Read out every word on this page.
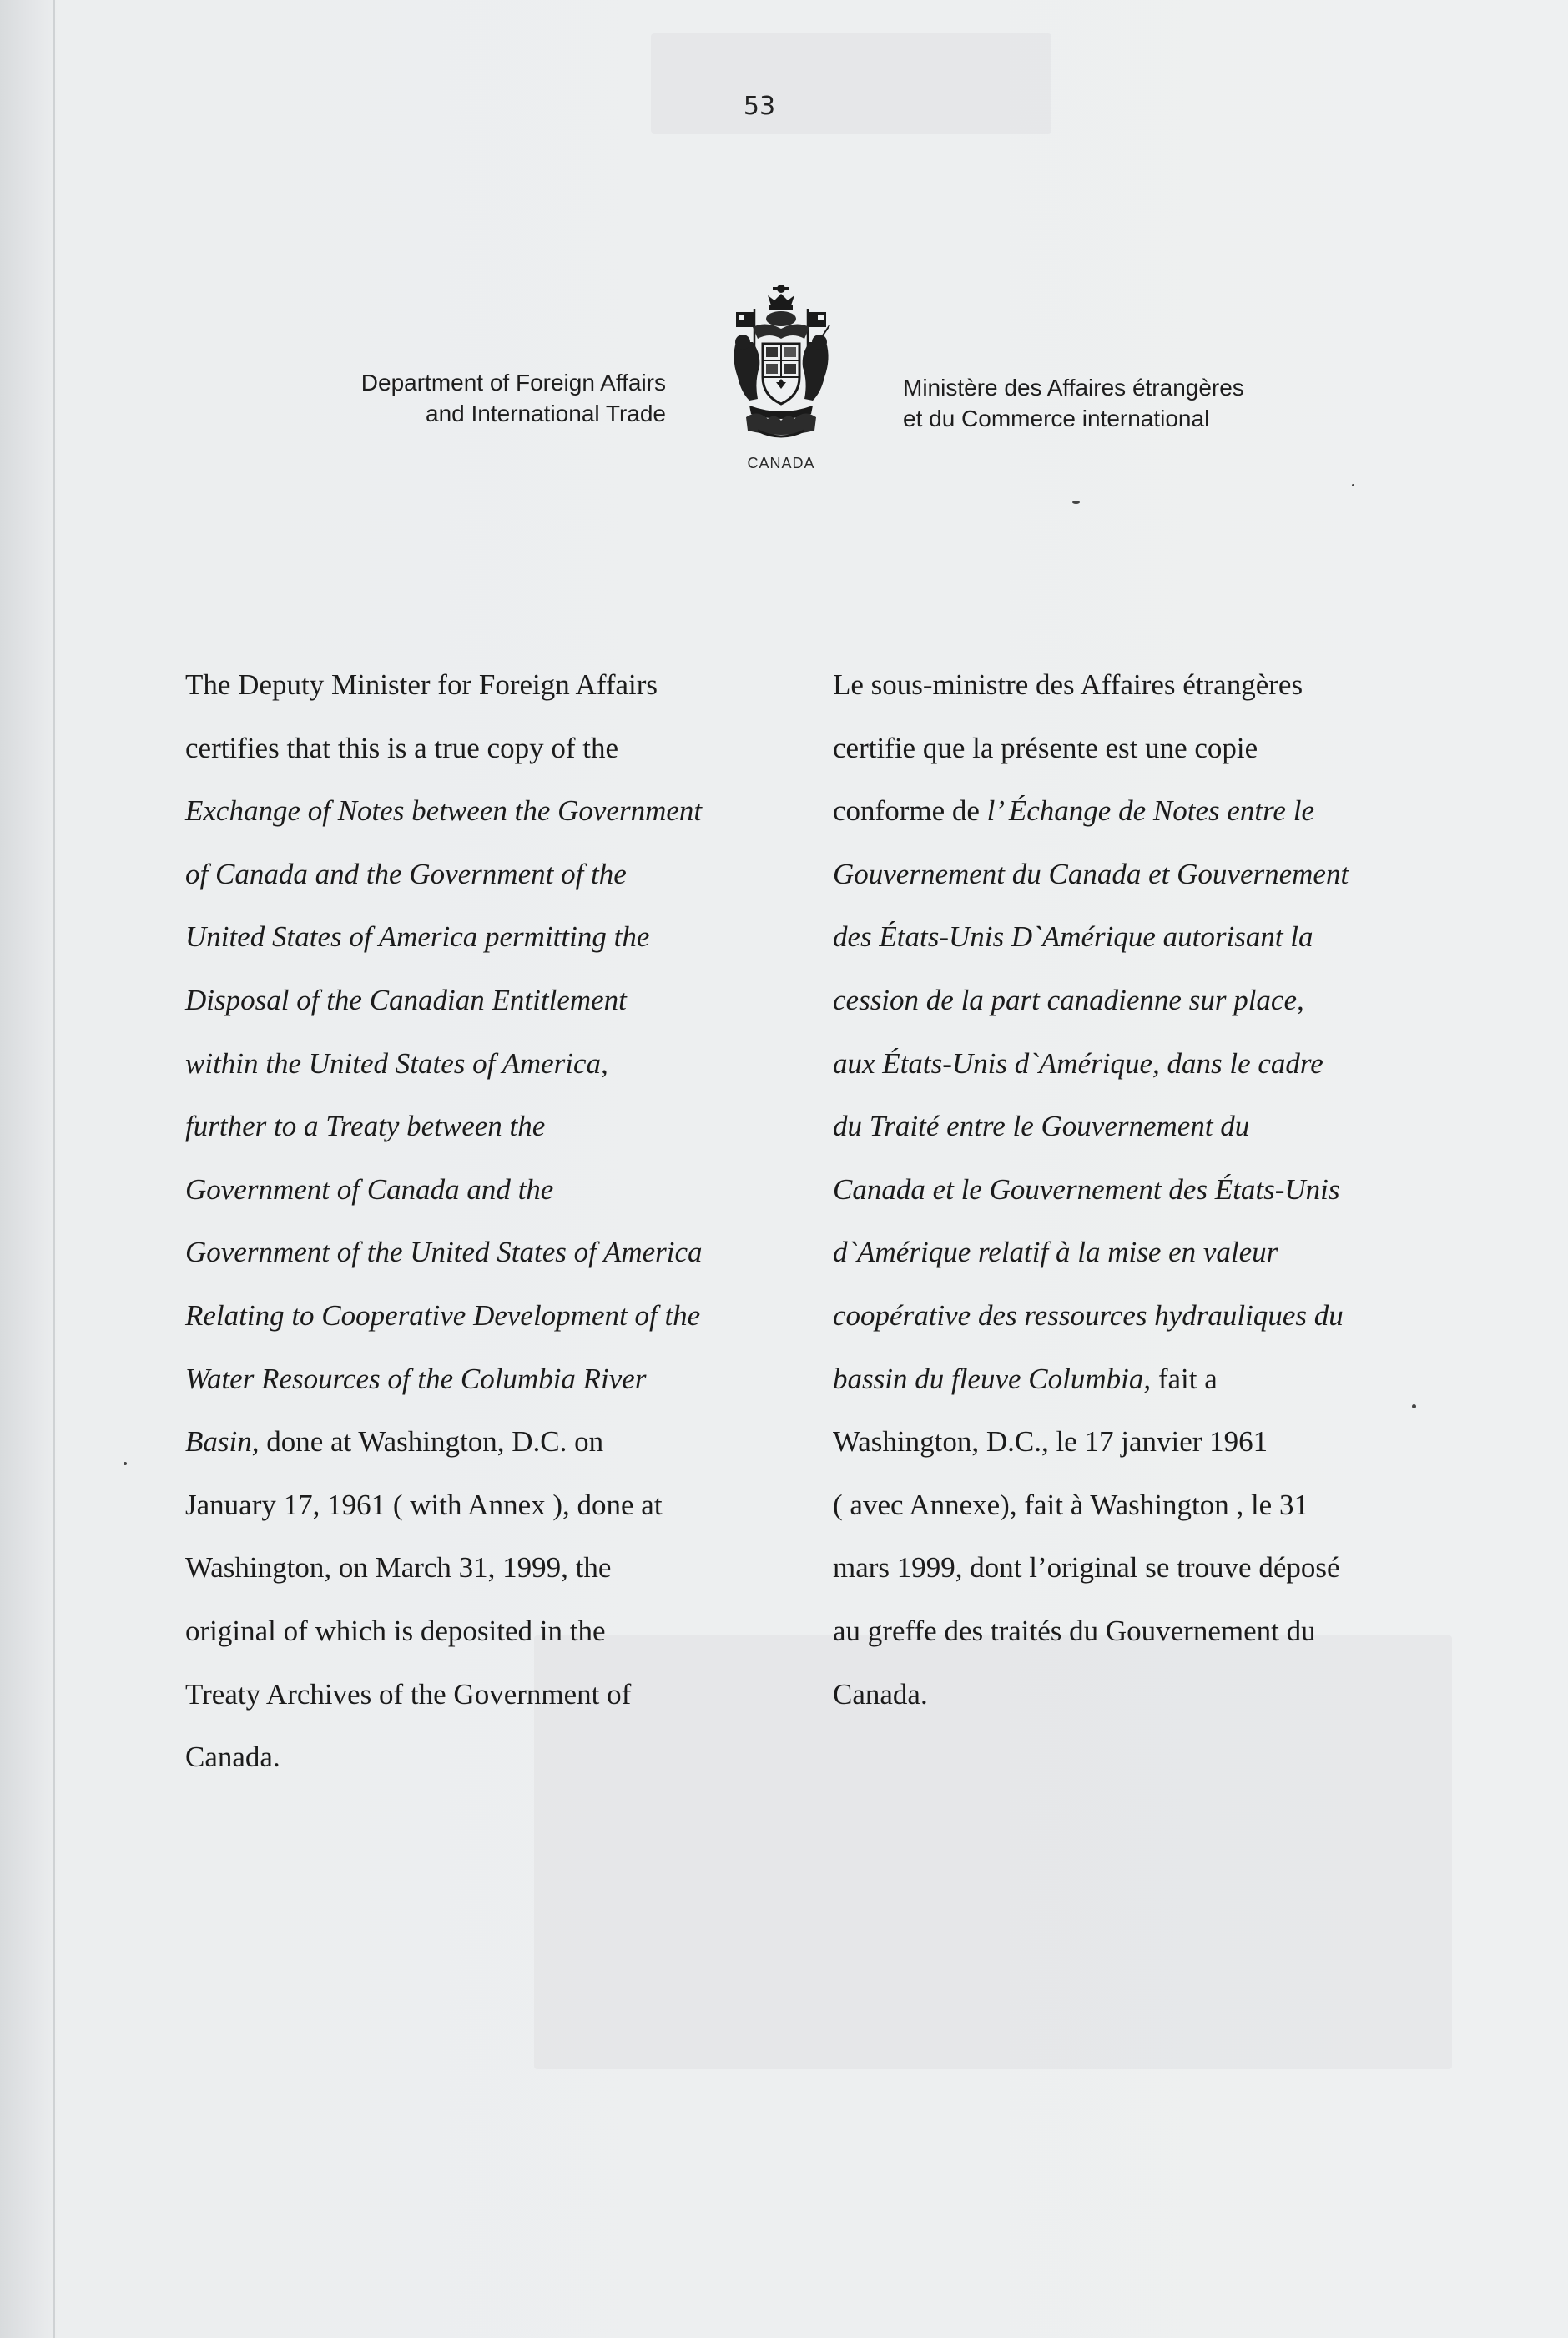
53
Department of Foreign Affairs
and International Trade
CANADA
Ministère des Affaires étrangères
et du Commerce international
The Deputy Minister for Foreign Affairs
certifies that this is a true copy of the
Exchange of Notes between the Government
of Canada and the Government of the
United States of America permitting the
Disposal of the Canadian Entitlement
within the United States of America,
further to a Treaty between the
Government of Canada and the
Government of the United States of America
Relating to Cooperative Development of the
Water Resources of the Columbia River
Basin, done at Washington, D.C. on
January 17, 1961 ( with Annex ), done at
Washington, on March 31, 1999, the
original of which is deposited in the
Treaty Archives of the Government of
Canada.
Le sous-ministre des Affaires étrangères
certifie que la présente est une copie
conforme de l’ Échange de Notes entre le
Gouvernement du Canada et Gouvernement
des États-Unis D`Amérique autorisant la
cession de la part canadienne sur place,
aux États-Unis d`Amérique, dans le cadre
du Traité entre le Gouvernement du
Canada et le Gouvernement des États-Unis
d`Amérique relatif à la mise en valeur
coopérative des ressources hydrauliques du
bassin du fleuve Columbia, fait a
Washington, D.C., le 17 janvier 1961
( avec Annexe), fait à Washington , le 31
mars 1999, dont l’original se trouve déposé
au greffe des traités du Gouvernement du
Canada.
